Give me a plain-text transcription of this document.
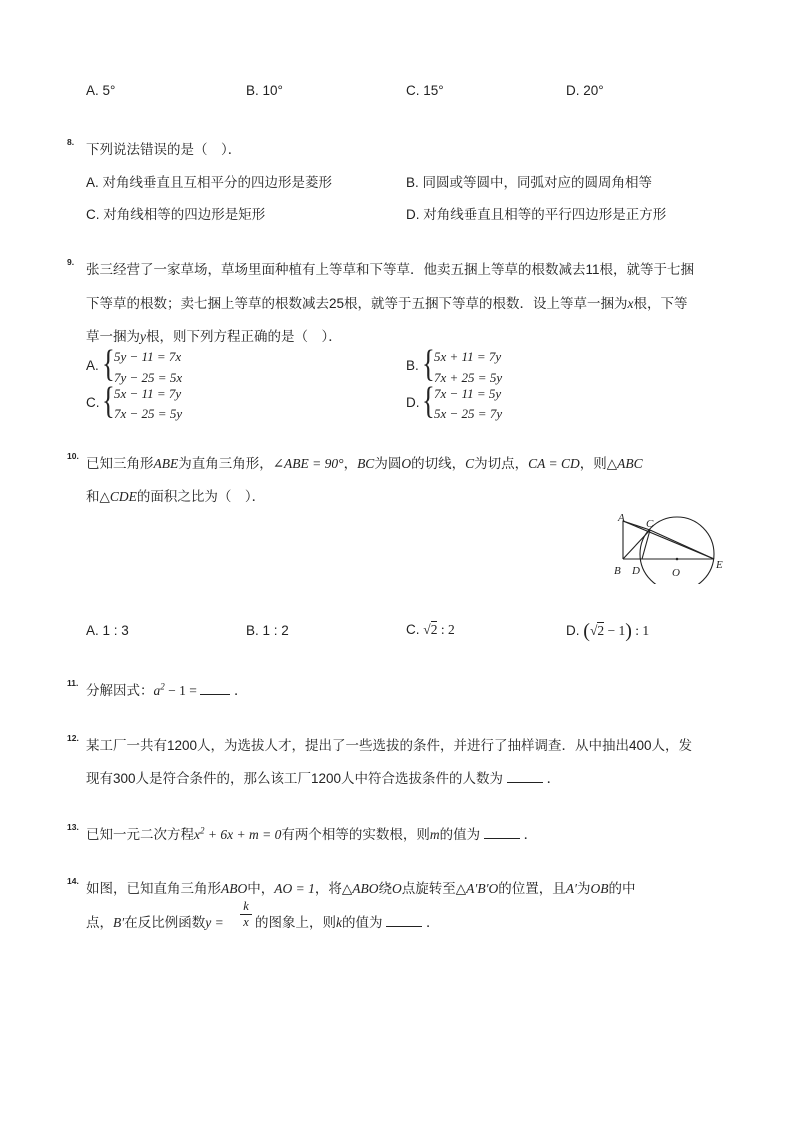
A. 5°	B. 10°	C. 15°	D. 20°
8. 下列说法错误的是（　）．
A. 对角线垂直且互相平分的四边形是菱形	B. 同圆或等圆中，同弧对应的圆周角相等
C. 对角线相等的四边形是矩形	D. 对角线垂直且相等的平行四边形是正方形
9. 张三经营了一家草场，草场里面种植有上等草和下等草．他卖五捆上等草的根数减去11根，就等于七捆
下等草的根数；卖七捆上等草的根数减去25根，就等于五捆下等草的根数．设上等草一捆为x根，下等
草一捆为y根，则下列方程正确的是（　）．
A. { 5y − 11 = 7x
7y − 25 = 5x
B. { 5x + 11 = 7y
7x + 25 = 5y
C. { 5x − 11 = 7y
7x − 25 = 5y
D. { 7x − 11 = 5y
5x − 25 = 7y
10. 已知三角形ABE为直角三角形，∠ABE = 90°，BC为圆O的切线，C为切点，CA = CD，则△ABC
和△CDE的面积之比为（　）．
A C
B D	O
E
A. 1 : 3	B. 1 : 2	C. √2 : 2	D. (√2 − 1) : 1
11. 分解因式：$a^2 - 1$ =	．
12. 某工厂一共有1200人，为选拔人才，提出了一些选拔的条件，并进行了抽样调查．从中抽出400人，发
现有300人是符合条件的，那么该工厂1200人中符合选拔条件的人数为	．
13. 已知一元二次方程$x^2 + 6x + m = 0$有两个相等的实数根，则m的值为	．
14. 如图，已知直角三角形ABO中，AO = 1，将△ABO绕O点旋转至△A′B′O的位置，且A′为OB的中
点，B′在反比例函数$y = \frac{k}{x}$ 的图象上，则k的值为	．
